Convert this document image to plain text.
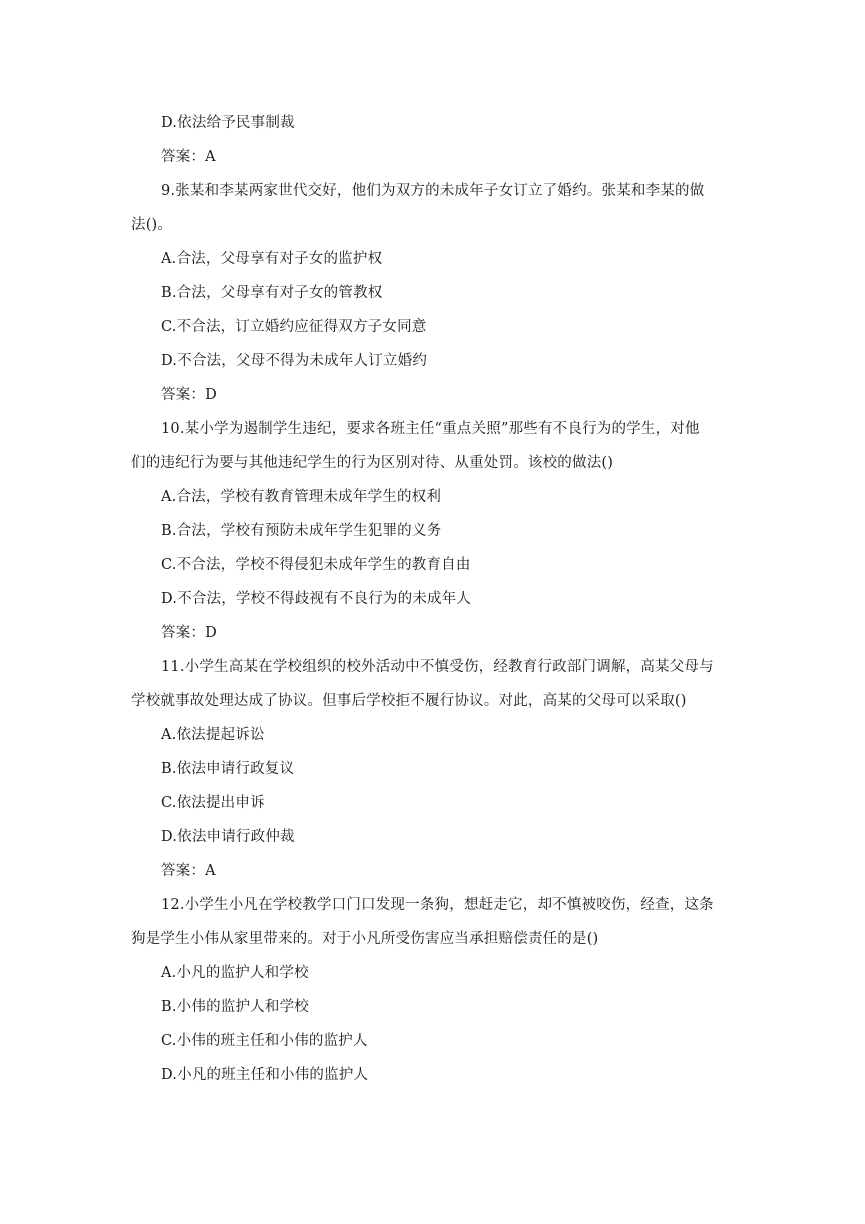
D.依法给予民事制裁
答案：A
9.张某和李某两家世代交好，他们为双方的未成年子女订立了婚约。张某和李某的做
法()。
A.合法，父母享有对子女的监护权
B.合法，父母享有对子女的管教权
C.不合法，订立婚约应征得双方子女同意
D.不合法，父母不得为未成年人订立婚约
答案：D
10.某小学为遏制学生违纪，要求各班主任“重点关照”那些有不良行为的学生，对他
们的违纪行为要与其他违纪学生的行为区别对待、从重处罚。该校的做法()
A.合法，学校有教育管理未成年学生的权利
B.合法，学校有预防未成年学生犯罪的义务
C.不合法，学校不得侵犯未成年学生的教育自由
D.不合法，学校不得歧视有不良行为的未成年人
答案：D
11.小学生高某在学校组织的校外活动中不慎受伤，经教育行政部门调解，高某父母与
学校就事故处理达成了协议。但事后学校拒不履行协议。对此，高某的父母可以采取()
A.依法提起诉讼
B.依法申请行政复议
C.依法提出申诉
D.依法申请行政仲裁
答案：A
12.小学生小凡在学校教学口门口发现一条狗，想赶走它，却不慎被咬伤，经查，这条
狗是学生小伟从家里带来的。对于小凡所受伤害应当承担赔偿责任的是()
A.小凡的监护人和学校
B.小伟的监护人和学校
C.小伟的班主任和小伟的监护人
D.小凡的班主任和小伟的监护人
